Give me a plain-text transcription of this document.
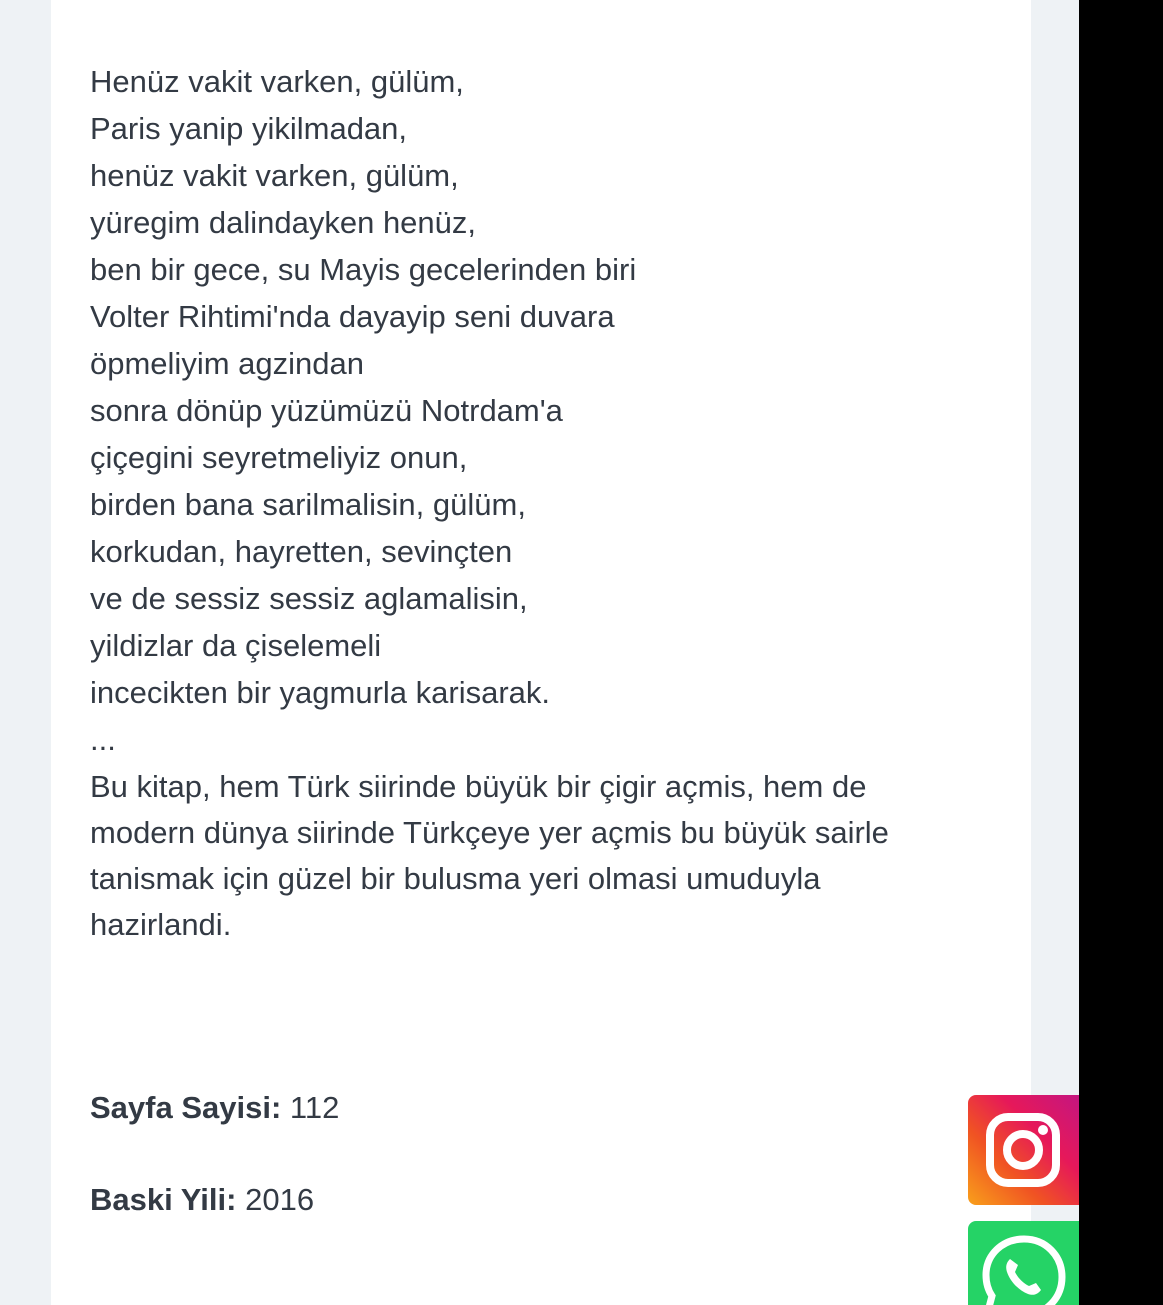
Henüz vakit varken, gülüm,
Paris yanip yikilmadan,
henüz vakit varken, gülüm,
yüregim dalindayken henüz,
ben bir gece, su Mayis gecelerinden biri
Volter Rihtimi'nda dayayip seni duvara
öpmeliyim agzindan
sonra dönüp yüzümüzü Notrdam'a
çiçegini seyretmeliyiz onun,
birden bana sarilmalisin, gülüm,
korkudan, hayretten, sevinçten
ve de sessiz sessiz aglamalisin,
yildizlar da çiselemeli
incecikten bir yagmurla karisarak.
...

Bu kitap, hem Türk siirinde büyük bir çigir açmis, hem de modern dünya siirinde Türkçeye yer açmis bu büyük sairle tanismak için güzel bir bulusma yeri olmasi umuduyla hazirlandi.

Sayfa Sayisi: 112

Baski Yili: 2016
